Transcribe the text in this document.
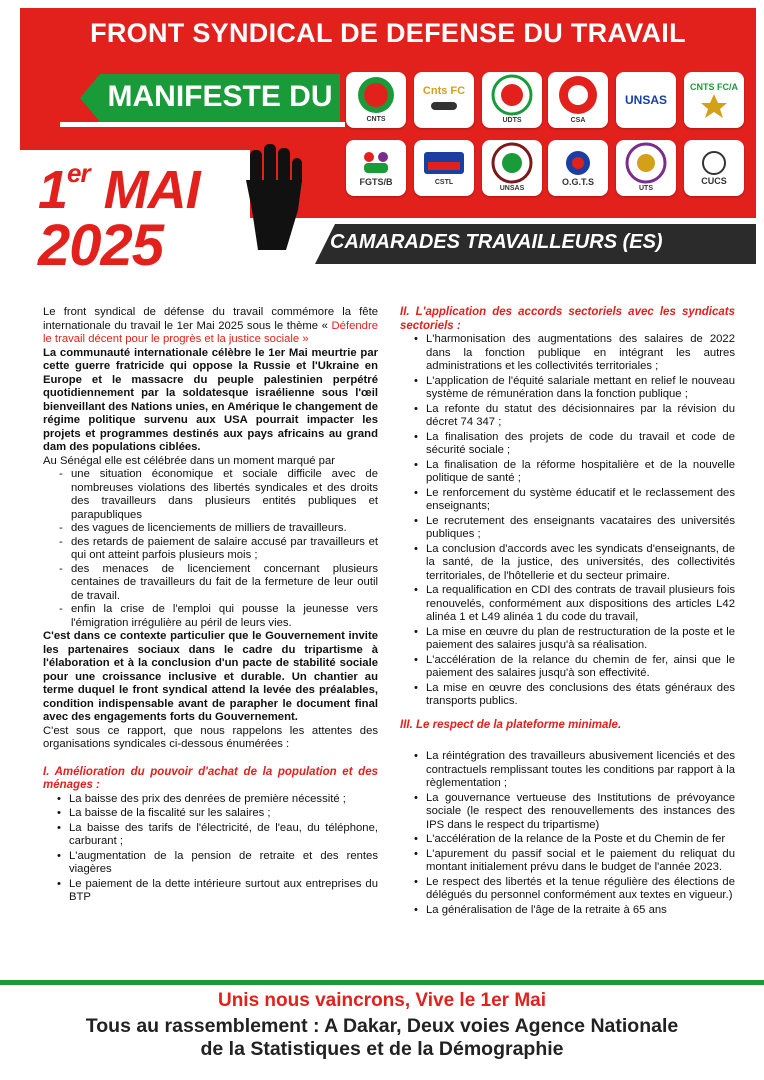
FRONT SYNDICAL DE DEFENSE DU TRAVAIL
MANIFESTE DU
1er MAI
2025
CNTS
Cnts FC
UDTS	CSA
UNSAS
CNTS FC/A
FGTS/B	CSTL
UNSAS
O.G.T.S
UTS
CUCS
CAMARADES TRAVAILLEURS (ES)

Le front syndical de défense du travail commémore la fête internationale du travail le 1er Mai 2025 sous le thème « Défendre le travail décent pour le progrès et la justice sociale »

La communauté internationale célèbre le 1er Mai meurtrie par cette guerre fratricide qui oppose la Russie et l'Ukraine en Europe et le massacre du peuple palestinien perpétré quotidiennement par la soldatesque israélienne sous l'œil bienveillant des Nations unies, en Amérique le changement de régime politique survenu aux USA pourrait impacter les projets et programmes destinés aux pays africains au grand dam des populations ciblées.

Au Sénégal elle est célébrée dans un moment marqué par

- une situation économique et sociale difficile avec de nombreuses violations des libertés syndicales et des droits des travailleurs dans plusieurs entités publiques et parapubliques
- des vagues de licenciements de milliers de travailleurs.
- des retards de paiement de salaire accusé par travailleurs et qui ont atteint parfois plusieurs mois ;
- des menaces de licenciement concernant plusieurs centaines de travailleurs du fait de la fermeture de leur outil de travail.
- enfin la crise de l'emploi qui pousse la jeunesse vers l'émigration irrégulière au péril de leurs vies.

C'est dans ce contexte particulier que le Gouvernement invite les partenaires sociaux dans le cadre du tripartisme à l'élaboration et à la conclusion d'un pacte de stabilité sociale pour une croissance inclusive et durable. Un chantier au terme duquel le front syndical attend la levée des préalables, condition indispensable avant de parapher le document final avec des engagements forts du Gouvernement.

C'est sous ce rapport, que nous rappelons les attentes des organisations syndicales ci-dessous énumérées :

I. Amélioration du pouvoir d'achat de la population et des ménages :

• La baisse des prix des denrées de première nécessité ;
• La baisse de la fiscalité sur les salaires ;
• La baisse des tarifs de l'électricité, de l'eau, du téléphone, carburant ;
• L'augmentation de la pension de retraite et des rentes viagères
• Le paiement de la dette intérieure surtout aux entreprises du BTP

II. L'application des accords sectoriels avec les syndicats sectoriels :

• L'harmonisation des augmentations des salaires de 2022 dans la fonction publique en intégrant les autres administrations et les collectivités territoriales ;
• L'application de l'équité salariale mettant en relief le nouveau système de rémunération dans la fonction publique ;
• La refonte du statut des décisionnaires par la révision du décret 74 347 ;
• La finalisation des projets de code du travail et code de sécurité sociale ;
• La finalisation de la réforme hospitalière et de la nouvelle politique de santé ;
• Le renforcement du système éducatif et le reclassement des enseignants;
• Le recrutement des enseignants vacataires des universités publiques ;
• La conclusion d'accords avec les syndicats d'enseignants, de la santé, de la justice, des universités, des collectivités territoriales, de l'hôtellerie et du secteur primaire.
• La requalification en CDI des contrats de travail plusieurs fois renouvelés, conformément aux dispositions des articles L42 alinéa 1 et L49 alinéa 1 du code du travail,
• La mise en œuvre du plan de restructuration de la poste et le paiement des salaires jusqu'à sa réalisation.
• L'accélération de la relance du chemin de fer, ainsi que le paiement des salaires jusqu'à son effectivité.
• La mise en œuvre des conclusions des états généraux des transports publics.

III. Le respect de la plateforme minimale.

• La réintégration des travailleurs abusivement licenciés et des contractuels remplissant toutes les conditions par rapport à la règlementation ;
• La gouvernance vertueuse des Institutions de prévoyance sociale (le respect des renouvellements des instances des IPS dans le respect du tripartisme)
• L'accélération de la relance de la Poste et du Chemin de fer
• L'apurement du passif social et le paiement du reliquat du montant initialement prévu dans le budget de l'année 2023.
• Le respect des libertés et la tenue régulière des élections de délégués du personnel conformément aux textes en vigueur.)
• La généralisation de l'âge de la retraite à 65 ans
Unis nous vaincrons, Vive le 1er Mai
Tous au rassemblement : A Dakar, Deux voies Agence Nationale
de la Statistiques et de la Démographie
